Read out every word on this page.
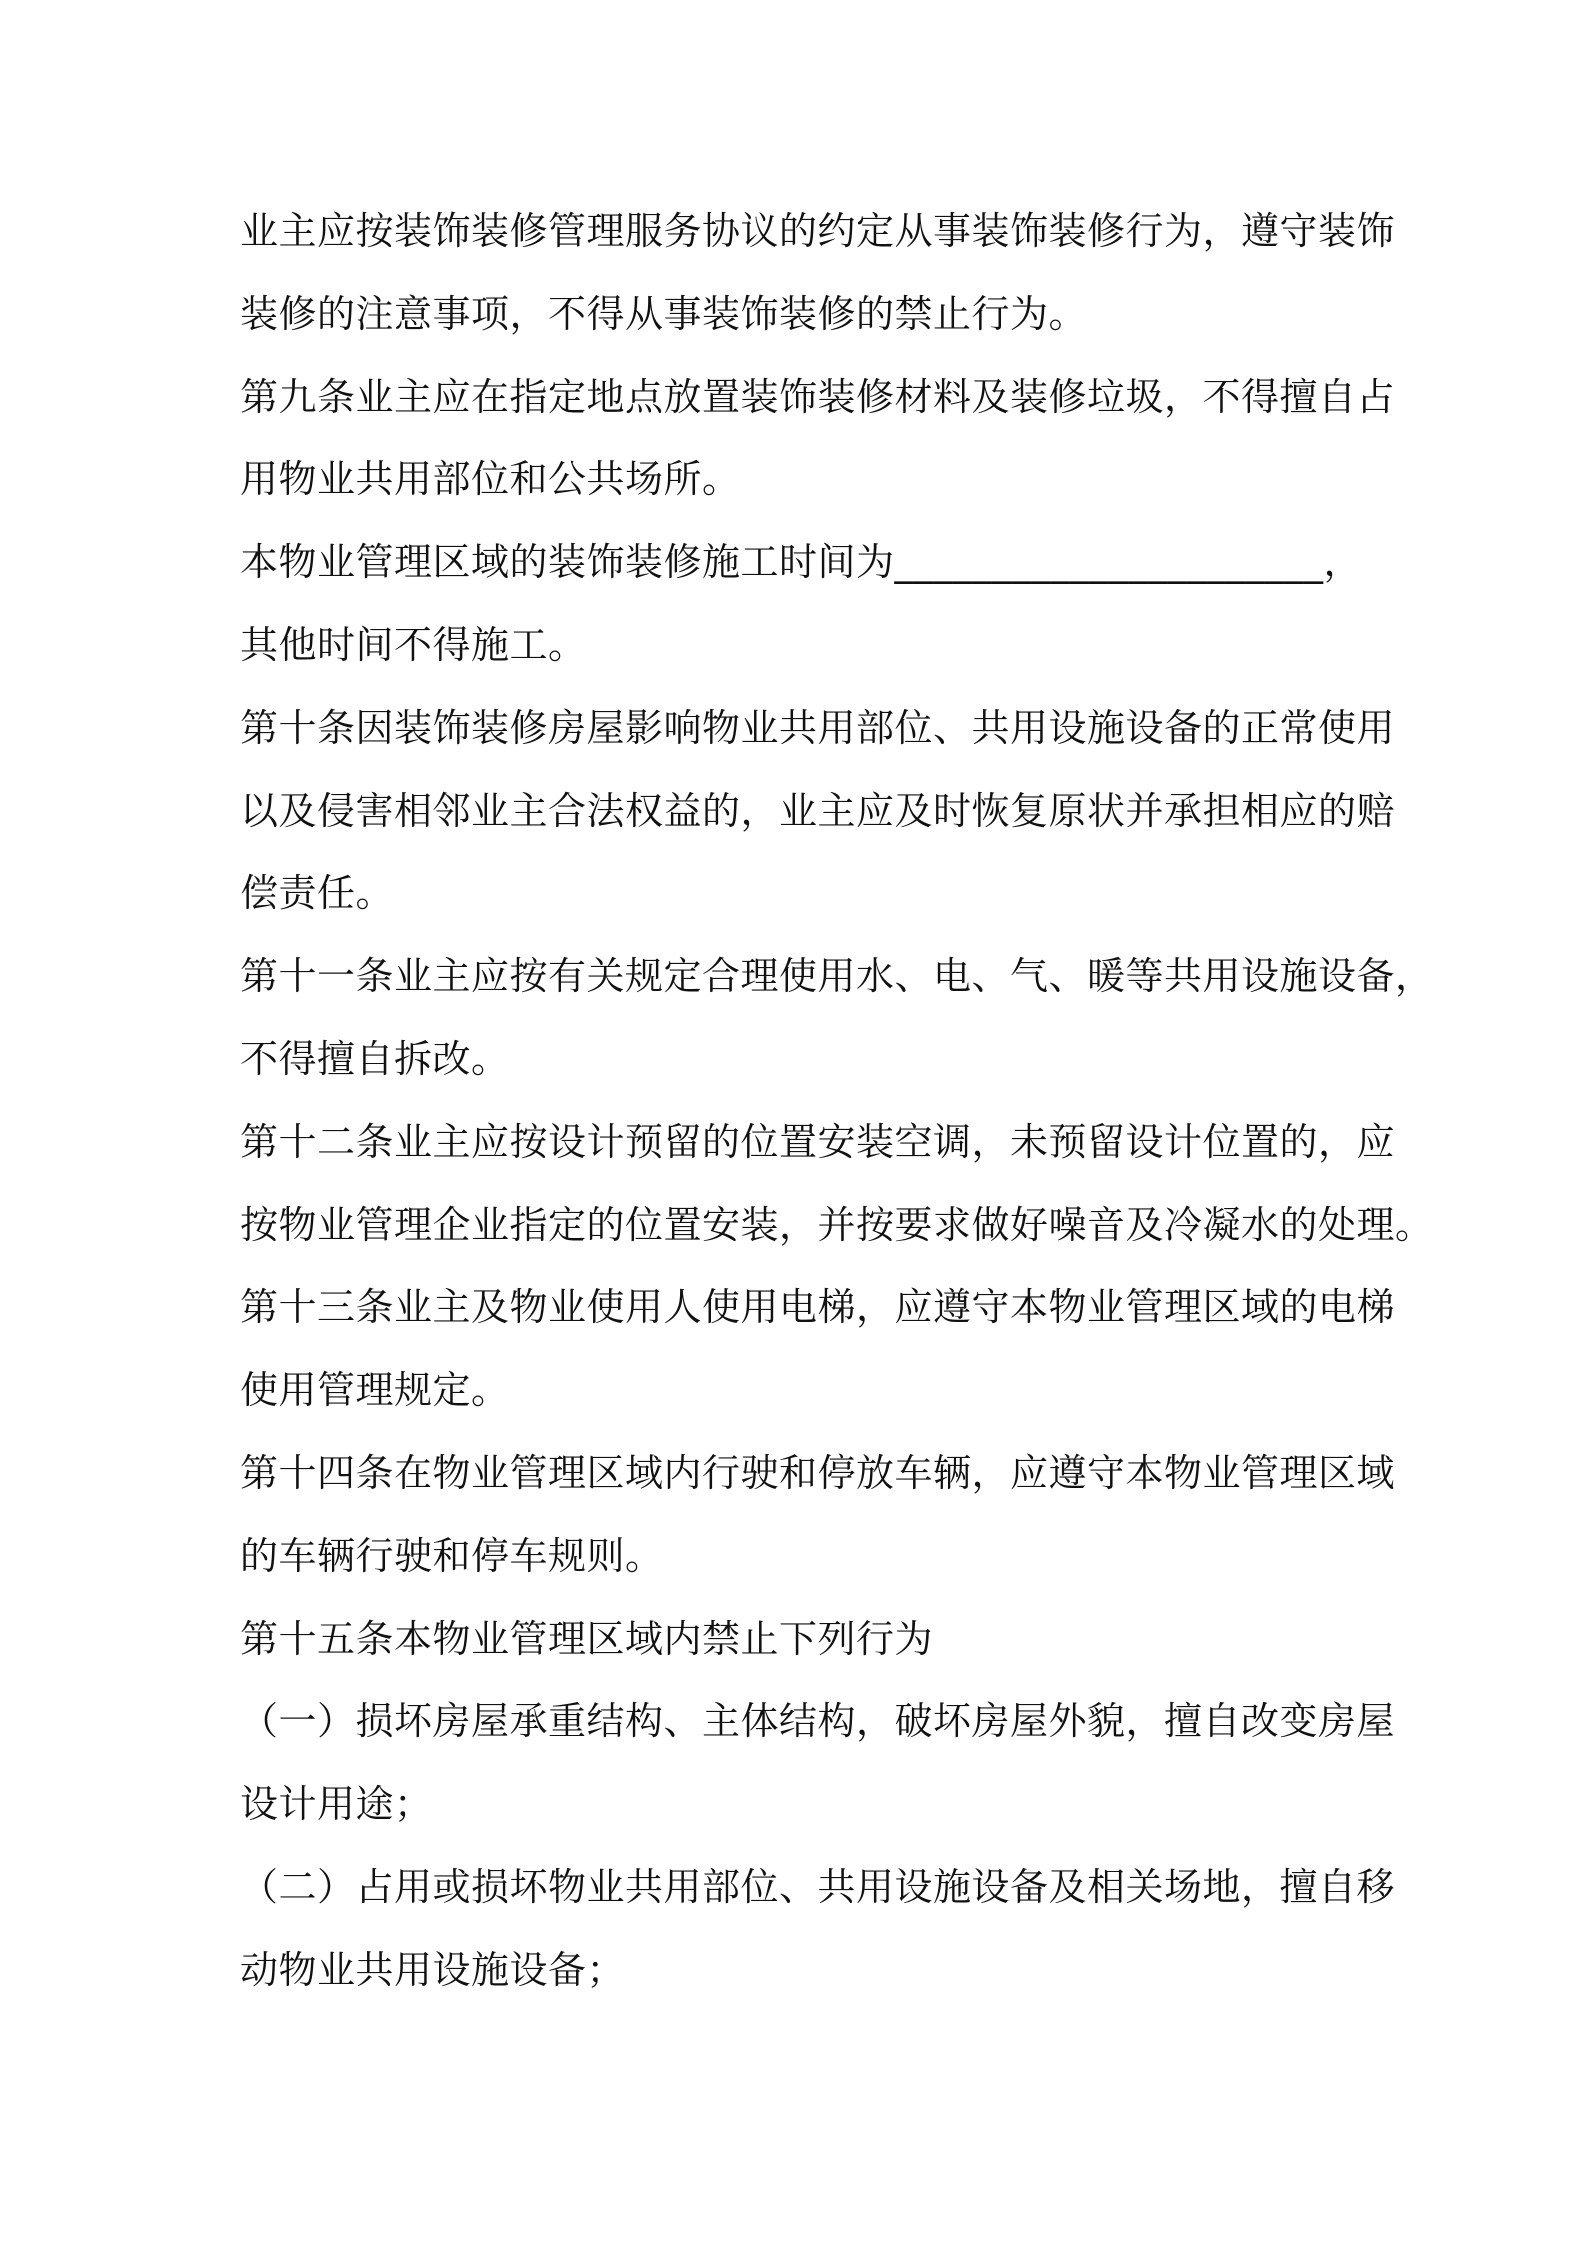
业主应按装饰装修管理服务协议的约定从事装饰装修行为，遵守装饰
装修的注意事项，不得从事装饰装修的禁止行为。
第九条业主应在指定地点放置装饰装修材料及装修垃圾，不得擅自占
用物业共用部位和公共场所。
本物业管理区域的装饰装修施工时间为______________________，
其他时间不得施工。
第十条因装饰装修房屋影响物业共用部位、共用设施设备的正常使用
以及侵害相邻业主合法权益的，业主应及时恢复原状并承担相应的赔
偿责任。
第十一条业主应按有关规定合理使用水、电、气、暖等共用设施设备，
不得擅自拆改。
第十二条业主应按设计预留的位置安装空调，未预留设计位置的，应
按物业管理企业指定的位置安装，并按要求做好噪音及冷凝水的处理。
第十三条业主及物业使用人使用电梯，应遵守本物业管理区域的电梯
使用管理规定。
第十四条在物业管理区域内行驶和停放车辆，应遵守本物业管理区域
的车辆行驶和停车规则。
第十五条本物业管理区域内禁止下列行为
（一）损坏房屋承重结构、主体结构，破坏房屋外貌，擅自改变房屋
设计用途；
（二）占用或损坏物业共用部位、共用设施设备及相关场地，擅自移
动物业共用设施设备；
